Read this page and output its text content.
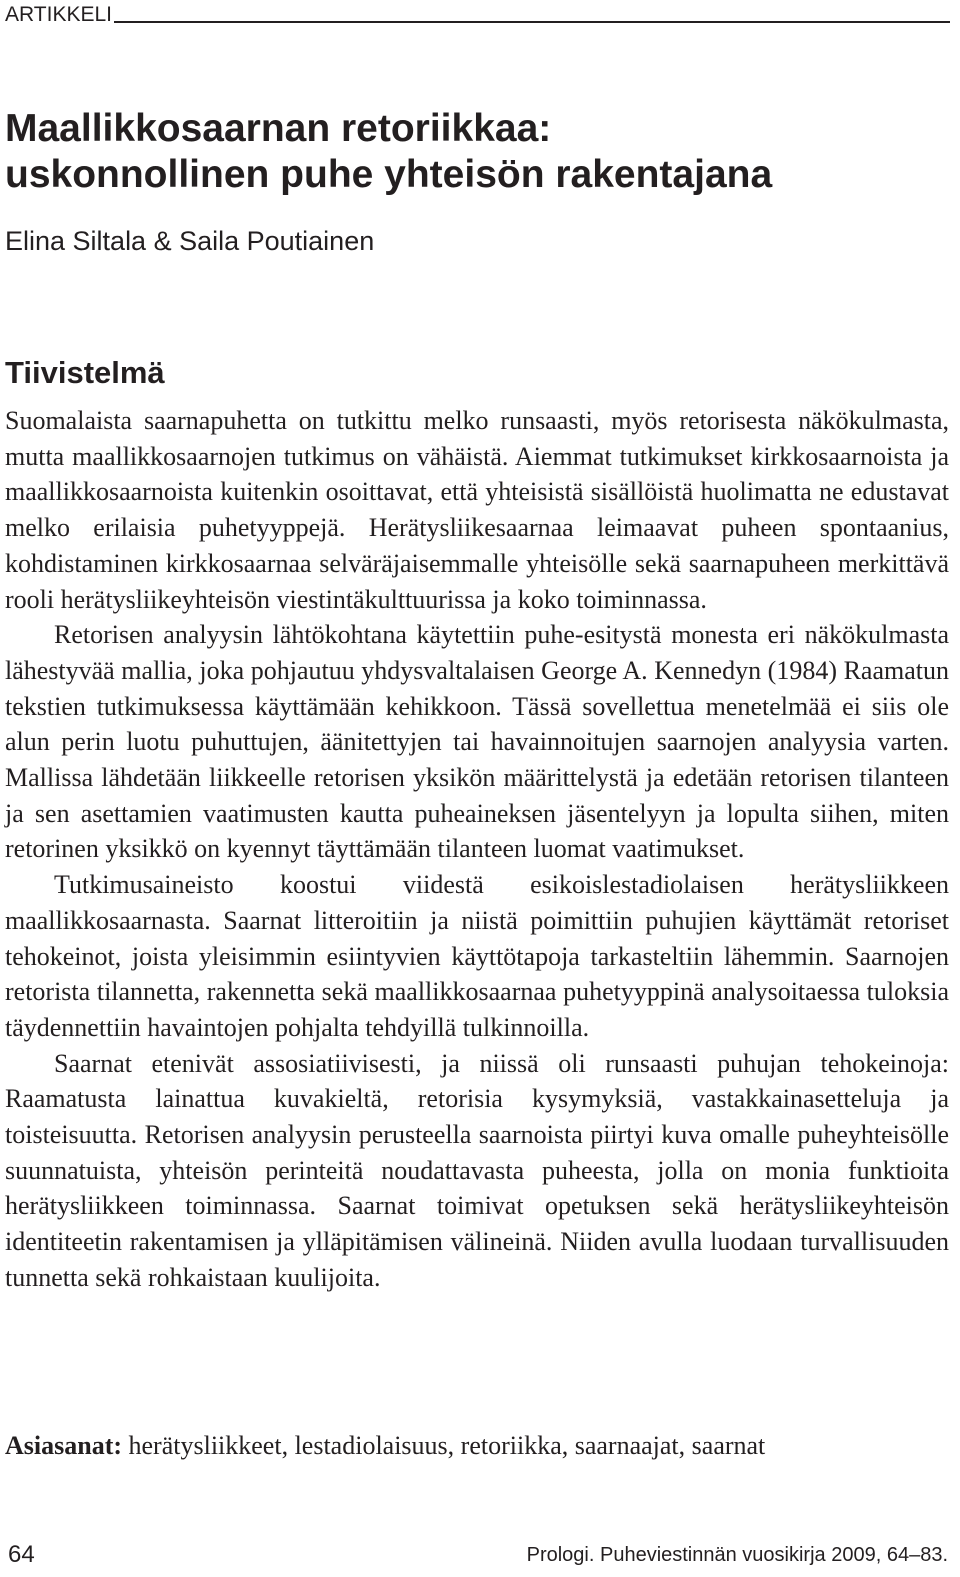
ARTIKKELI
Maallikkosaarnan retoriikkaa:
uskonnollinen puhe yhteisön rakentajana

Elina Siltala & Saila Poutiainen

Tiivistelmä

Suomalaista saarnapuhetta on tutkittu melko runsaasti, myös retorisesta näkökulmasta, mutta maallikkosaarnojen tutkimus on vähäistä. Aiemmat tutkimukset kirkkosaarnoista ja maallikkosaarnoista kuitenkin osoittavat, että yhteisistä sisällöistä huolimatta ne edustavat melko erilaisia puhetyyppejä. Herätysliikesaarnaa leimaavat puheen spontaanius, kohdistaminen kirkkosaarnaa selväräjaisemmalle yhteisölle sekä saarnapuheen merkittävä rooli herätysliikeyhteisön viestintäkulttuurissa ja koko toiminnassa.

Retorisen analyysin lähtökohtana käytettiin puhe-esitystä monesta eri näkökulmasta lähestyvää mallia, joka pohjautuu yhdysvaltalaisen George A. Kennedyn (1984) Raamatun tekstien tutkimuksessa käyttämään kehikkoon. Tässä sovellettua menetelmää ei siis ole alun perin luotu puhuttujen, äänitettyjen tai havainnoitujen saarnojen analyysia varten. Mallissa lähdetään liikkeelle retorisen yksikön määrittelystä ja edetään retorisen tilanteen ja sen asettamien vaatimusten kautta puheaineksen jäsentelyyn ja lopulta siihen, miten retorinen yksikkö on kyennyt täyttämään tilanteen luomat vaatimukset.

Tutkimusaineisto koostui viidestä esikoislestadiolaisen herätysliikkeen maallikkosaarnasta. Saarnat litteroitiin ja niistä poimittiin puhujien käyttämät retoriset tehokeinot, joista yleisimmin esiintyvien käyttötapoja tarkasteltiin lähemmin. Saarnojen retorista tilannetta, rakennetta sekä maallikkosaarnaa puhetyyppinä analysoitaessa tuloksia täydennettiin havaintojen pohjalta tehdyillä tulkinnoilla.

Saarnat etenivät assosiatiivisesti, ja niissä oli runsaasti puhujan tehokeinoja: Raamatusta lainattua kuvakieltä, retorisia kysymyksiä, vastakkainasetteluja ja toisteisuutta. Retorisen analyysin perusteella saarnoista piirtyi kuva omalle puheyhteisölle suunnatuista, yhteisön perinteitä noudattavasta puheesta, jolla on monia funktioita herätysliikkeen toiminnassa. Saarnat toimivat opetuksen sekä herätysliikeyhteisön identiteetin rakentamisen ja ylläpitämisen välineinä. Niiden avulla luodaan turvallisuuden tunnetta sekä rohkaistaan kuulijoita.

Asiasanat: herätysliikkeet, lestadiolaisuus, retoriikka, saarnaajat, saarnat
64	Prologi. Puheviestinnän vuosikirja 2009, 64–83.
